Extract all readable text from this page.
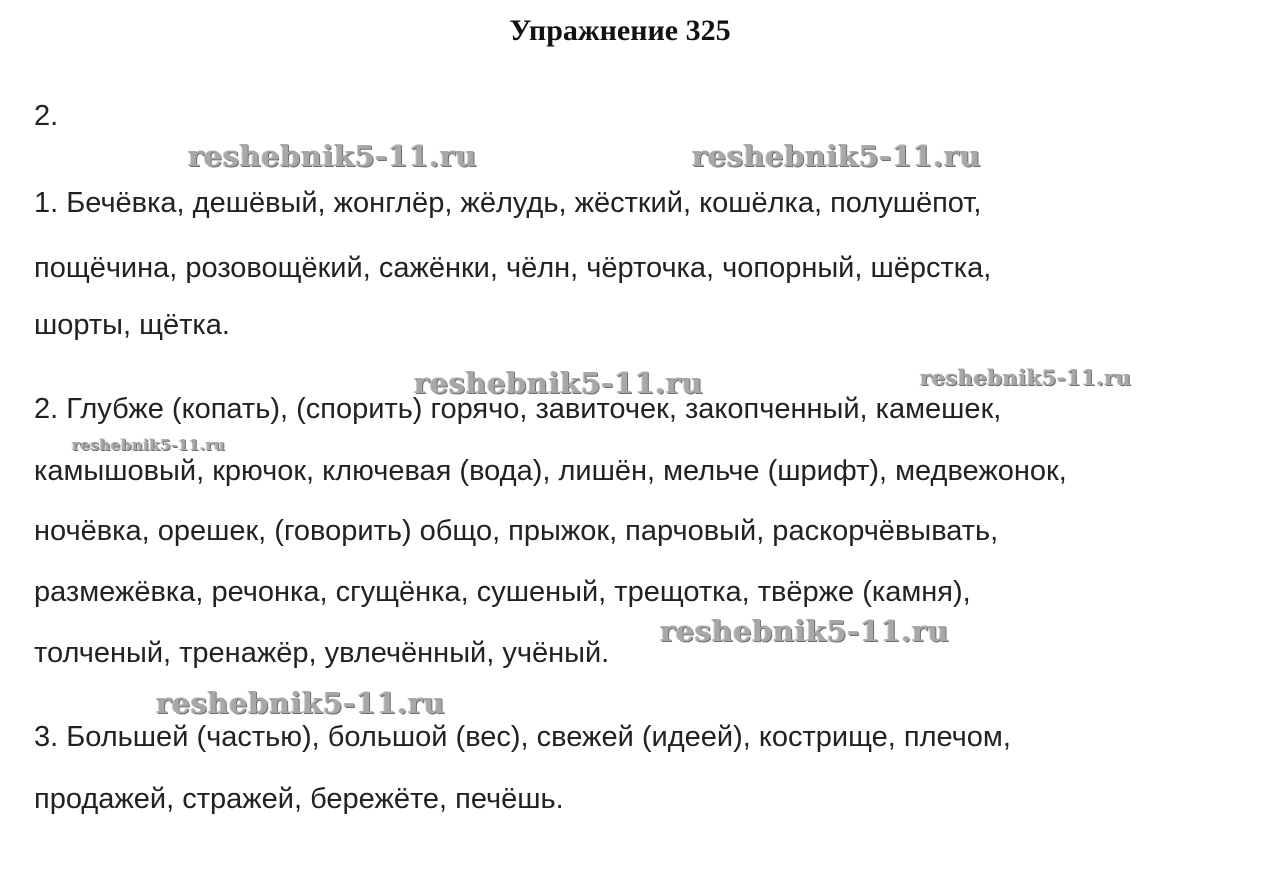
Упражнение 325
2.
1. Бечёвка, дешёвый, жонглёр, жёлудь, жёсткий, кошёлка, полушёпот,
пощёчина, розовощёкий, сажёнки, чёлн, чёрточка, чопорный, шёрстка,
шорты, щётка.
2. Глубже (копать), (спорить) горячо, завиточек, закопченный, камешек,
камышовый, крючок, ключевая (вода), лишён, мельче (шрифт), медвежонок,
ночёвка, орешек, (говорить) общо, прыжок, парчовый, раскорчёвывать,
размежёвка, речонка, сгущёнка, сушеный, трещотка, твёрже (камня),
толченый, тренажёр, увлечённый, учёный.
3. Большей (частью), большой (вес), свежей (идеей), кострище, плечом,
продажей, стражей, бережёте, печёшь.
reshebnik5-11.ru	reshebnik5-11.ru
reshebnik5-11.ru	reshebnik5-11.ru
reshebnik5-11.ru
reshebnik5-11.ru
reshebnik5-11.ru
